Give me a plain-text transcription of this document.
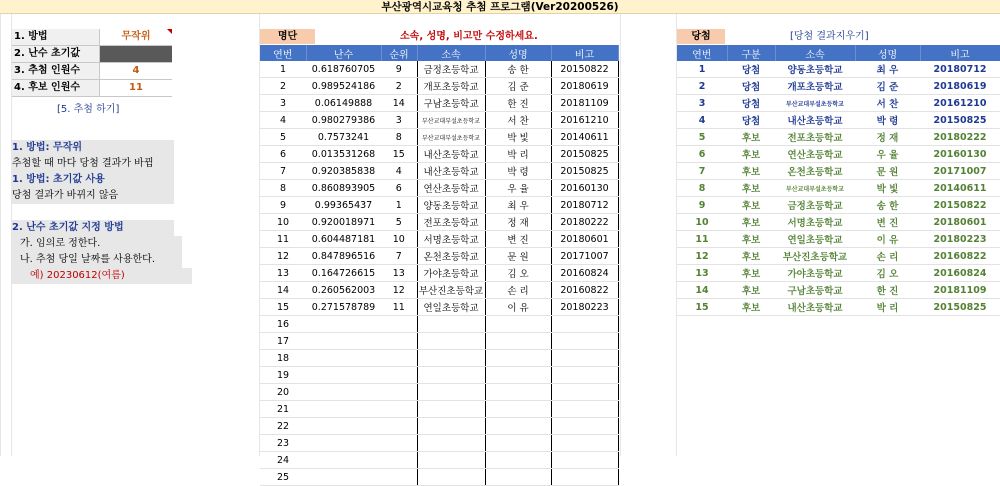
부산광역시교육청 추첨 프로그램(Ver20200526)
1. 방법	무작위
2. 난수 초기값
3. 추첨 인원수	4
4. 후보 인원수	11
[5. 추첨 하기]
1. 방법: 무작위
추첨할 때 마다 당첨 결과가 바뀜
1. 방법: 초기값 사용
당첨 결과가 바뀌지 않음
2. 난수 초기값 지정 방법
가. 임의로 정한다.
나. 추첨 당일 날짜를 사용한다.
예) 20230612(여름)
명단	소속, 성명, 비고만 수정하세요.
연번	난수	순위	소속	성명	비고
1	0.618760705	9	금정초등학교	송 한	20150822
2	0.989524186	2	개포초등학교	김 준	20180619
3	0.06149888	14	구남초등학교	한 진	20181109
4	0.980279386	3	부산교대부설초등학교	서 찬	20161210
5	0.7573241	8	부산교대부설초등학교	박 빛	20140611
6	0.013531268	15	내산초등학교	박 리	20150825
7	0.920385838	4	내산초등학교	박 령	20150825
8	0.860893905	6	연산초등학교	우 율	20160130
9	0.99365437	1	양동초등학교	최 우	20180712
10	0.920018971	5	전포초등학교	정 재	20180222
11	0.604487181	10	서명초등학교	변 진	20180601
12	0.847896516	7	온천초등학교	문 원	20171007
13	0.164726615	13	가야초등학교	김 오	20160824
14	0.260562003	12	부산진초등학교	손 리	20160822
15	0.271578789	11	연일초등학교	이 유	20180223
16					
17					
18					
19					
20					
21					
22					
23					
24					
25					
당첨	[당첨 결과지우기]
연번	구분	소속	성명	비고
1	당첨	양동초등학교	최 우	20180712
2	당첨	개포초등학교	김 준	20180619
3	당첨	부산교대부설초등학교	서 찬	20161210
4	당첨	내산초등학교	박 령	20150825
5	후보	전포초등학교	정 재	20180222
6	후보	연산초등학교	우 율	20160130
7	후보	온천초등학교	문 원	20171007
8	후보	부산교대부설초등학교	박 빛	20140611
9	후보	금정초등학교	송 한	20150822
10	후보	서명초등학교	변 진	20180601
11	후보	연일초등학교	이 유	20180223
12	후보	부산진초등학교	손 리	20160822
13	후보	가야초등학교	김 오	20160824
14	후보	구남초등학교	한 진	20181109
15	후보	내산초등학교	박 리	20150825
